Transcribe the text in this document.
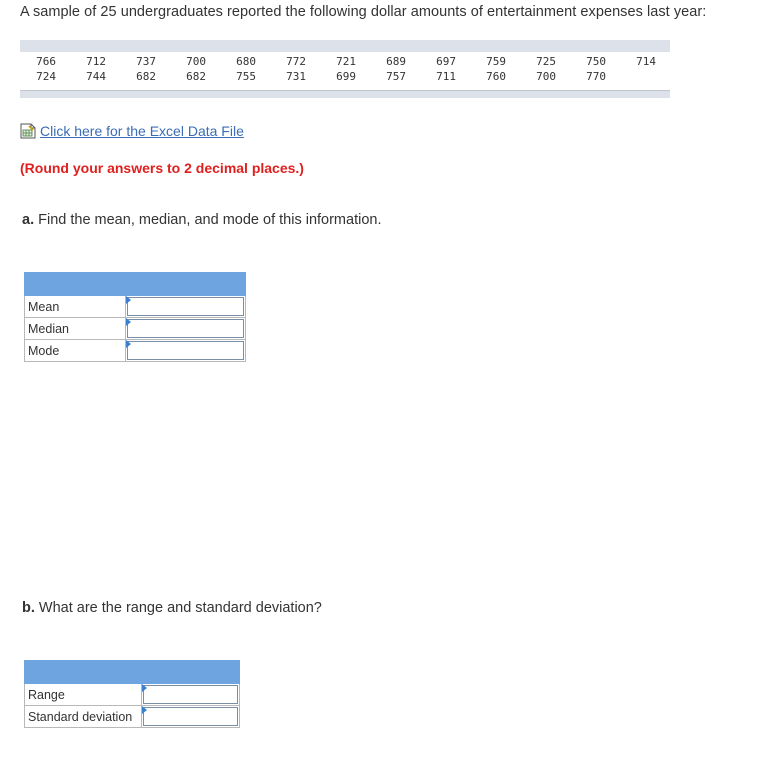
A sample of 25 undergraduates reported the following dollar amounts of entertainment expenses last year:
766	712	737	700	680	772	721	689	697	759	725	750	714
724	744	682	682	755	731	699	757	711	760	700	770
Click here for the Excel Data File
(Round your answers to 2 decimal places.)
a. Find the mean, median, and mode of this information.

Mean	

Median	

Mode	
b. What are the range and standard deviation?

Range	

Standard deviation	
